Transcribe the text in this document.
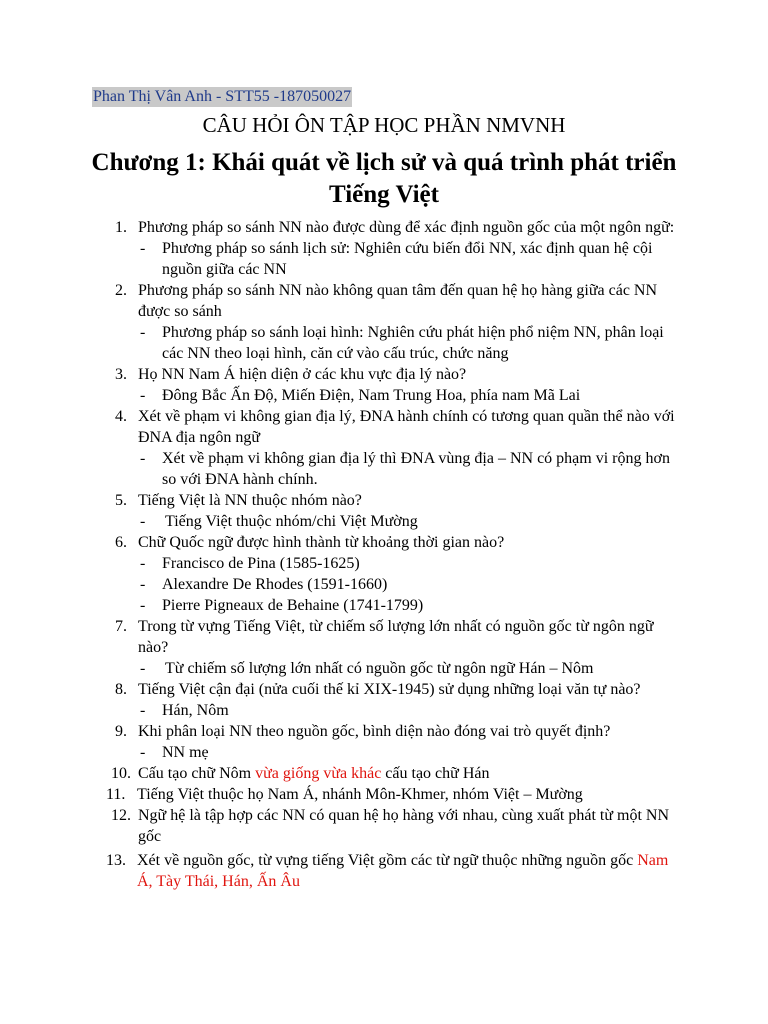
Phan Thị Vân Anh - STT55 -187050027
CÂU HỎI ÔN TẬP HỌC PHẦN NMVNH
Chương 1: Khái quát về lịch sử và quá trình phát triển Tiếng Việt

1. Phương pháp so sánh NN nào được dùng để xác định nguồn gốc của một ngôn ngữ:

- Phương pháp so sánh lịch sử: Nghiên cứu biến đổi NN, xác định quan hệ cội nguồn giữa các NN

2. Phương pháp so sánh NN nào không quan tâm đến quan hệ họ hàng giữa các NN được so sánh

- Phương pháp so sánh loại hình: Nghiên cứu phát hiện phổ niệm NN, phân loại các NN theo loại hình, căn cứ vào cấu trúc, chức năng

3. Họ NN Nam Á hiện diện ở các khu vực địa lý nào?

- Đông Bắc Ấn Độ, Miến Điện, Nam Trung Hoa, phía nam Mã Lai

4. Xét về phạm vi không gian địa lý, ĐNA hành chính có tương quan quần thể nào với ĐNA địa ngôn ngữ

- Xét về phạm vi không gian địa lý thì ĐNA vùng địa – NN có phạm vi rộng hơn so với ĐNA hành chính.

5. Tiếng Việt là NN thuộc nhóm nào?

- Tiếng Việt thuộc nhóm/chi Việt Mường

6. Chữ Quốc ngữ được hình thành từ khoảng thời gian nào?

- Francisco de Pina (1585-1625)

- Alexandre De Rhodes (1591-1660)

- Pierre Pigneaux de Behaine (1741-1799)

7. Trong từ vựng Tiếng Việt, từ chiếm số lượng lớn nhất có nguồn gốc từ ngôn ngữ nào?

- Từ chiếm số lượng lớn nhất có nguồn gốc từ ngôn ngữ Hán – Nôm

8. Tiếng Việt cận đại (nửa cuối thế kỉ XIX-1945) sử dụng những loại văn tự nào?

- Hán, Nôm

9. Khi phân loại NN theo nguồn gốc, bình diện nào đóng vai trò quyết định?

- NN mẹ

10. Cấu tạo chữ Nôm vừa giống vừa khác cấu tạo chữ Hán

11. Tiếng Việt thuộc họ Nam Á, nhánh Môn-Khmer, nhóm Việt – Mường

12. Ngữ hệ là tập hợp các NN có quan hệ họ hàng với nhau, cùng xuất phát từ một NN gốc

13. Xét về nguồn gốc, từ vựng tiếng Việt gồm các từ ngữ thuộc những nguồn gốc Nam Á, Tày Thái, Hán, Ấn Âu
